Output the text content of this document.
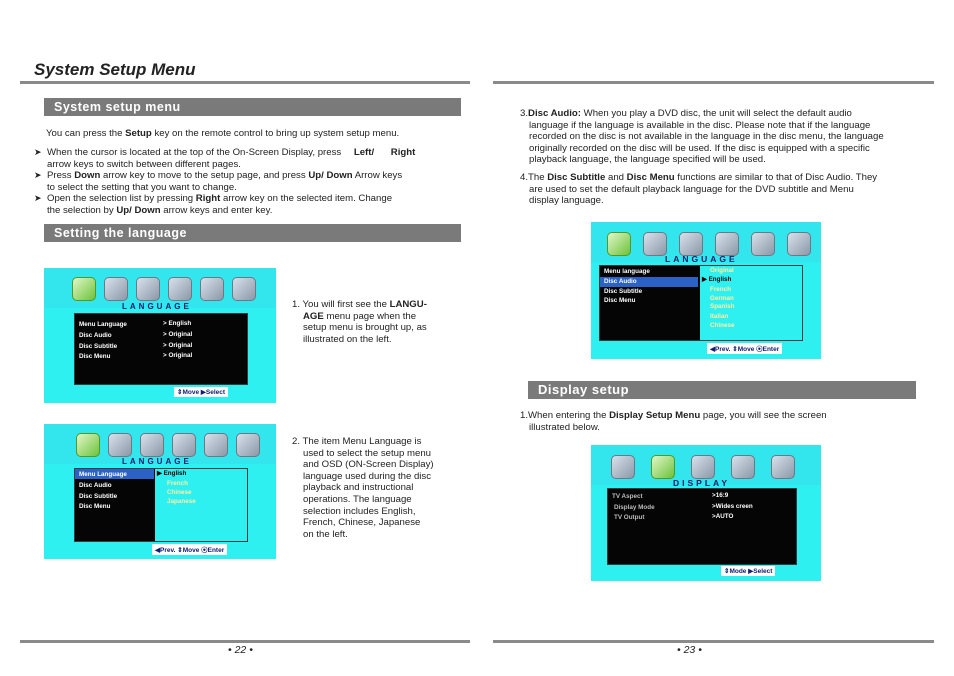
System Setup Menu
System setup menu
You can press the Setup key on the remote control to bring up system setup menu.
➤ When the cursor is located at the top of the On-Screen Display, press Left/ Right
arrow keys to switch between different pages.
➤ Press Down arrow key to move to the setup page, and press Up/ Down Arrow keys
to select the setting that you want to change.
➤ Open the selection list by pressing Right arrow key on the selected item. Change
the selection by Up/ Down arrow keys and enter key.
Setting the language
LANGUAGE
Menu Language	> English
Disc Audio	> Original
Disc Subtitle	> Original
Disc Menu	> Original
⇕Move ▶Select
1. You will first see the LANGU-
AGE menu page when the
setup menu is brought up, as
illustrated on the left.
LANGUAGE
Menu Language
Disc Audio
Disc Subtitle
Disc Menu
▶ English
French
Chinese
Japanese
◀Prev. ⇕Move ⦿Enter
2. The item Menu Language is
used to select the setup menu
and OSD (ON-Screen Display)
language used during the disc
playback and instructional
operations. The language
selection includes English,
French, Chinese, Japanese
on the left.
• 22 •
3.Disc Audio: When you play a DVD disc, the unit will select the default audio
language if the language is available in the disc. Please note that if the language
recorded on the disc is not available in the language in the disc menu, the language
originally recorded on the disc will be used. If the disc is equipped with a specific
playback language, the language specified will be used.
4.The Disc Subtitle and Disc Menu functions are similar to that of Disc Audio. They
are used to set the default playback language for the DVD subtitle and Menu
display language.
LANGUAGE
Menu language
Disc Audio
Disc Subtitle
Disc Menu
Original
▶ English
French
German
Spanish
Italian
Chinese
◀Prev. ⇕Move ⦿Enter
Display setup
1.When entering the Display Setup Menu page, you will see the screen
illustrated below.
DISPLAY
TV Aspect	>16:9
Display Mode	>Wides creen
TV Output	>AUTO
⇕Mode ▶Select
• 23 •
